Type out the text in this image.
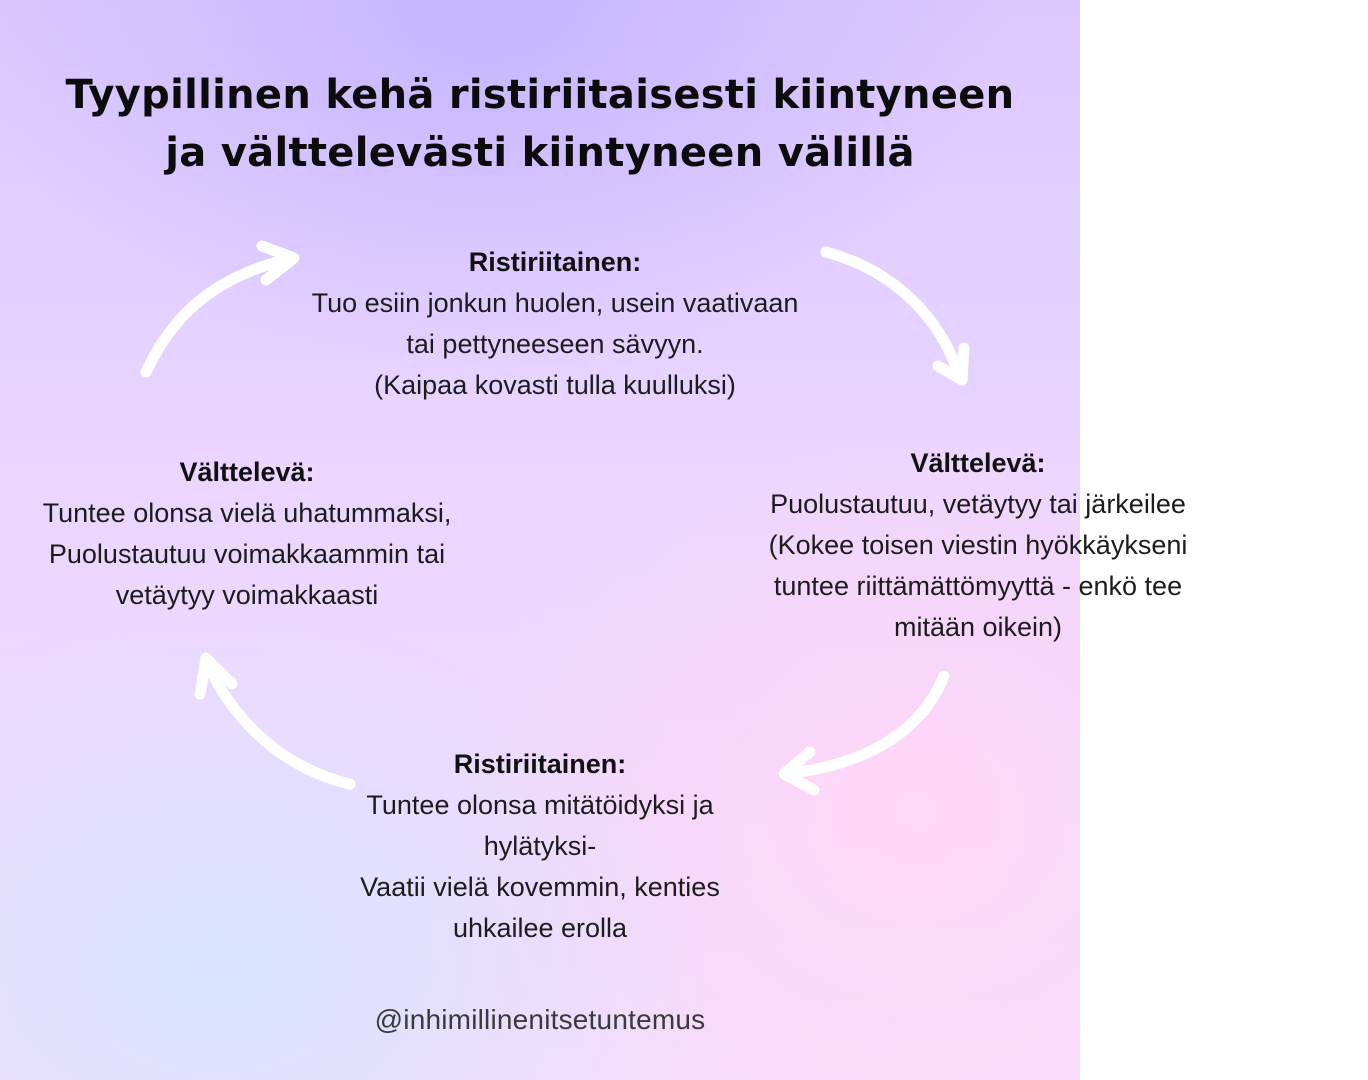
Tyypillinen kehä ristiriitaisesti kiintyneen
ja välttelevästi kiintyneen välillä
Ristiriitainen:
Tuo esiin jonkun huolen, usein vaativaan
tai pettyneeseen sävyyn.
(Kaipaa kovasti tulla kuulluksi)
Välttelevä:
Puolustautuu, vetäytyy tai järkeilee
(Kokee toisen viestin hyökkäykseni
tuntee riittämättömyyttä - enkö tee
mitään oikein)
Ristiriitainen:
Tuntee olonsa mitätöidyksi ja
hylätyksi-
Vaatii vielä kovemmin, kenties
uhkailee erolla
Välttelevä:
Tuntee olonsa vielä uhatummaksi,
Puolustautuu voimakkaammin tai
vetäytyy voimakkaasti
@inhimillinenitsetuntemus
